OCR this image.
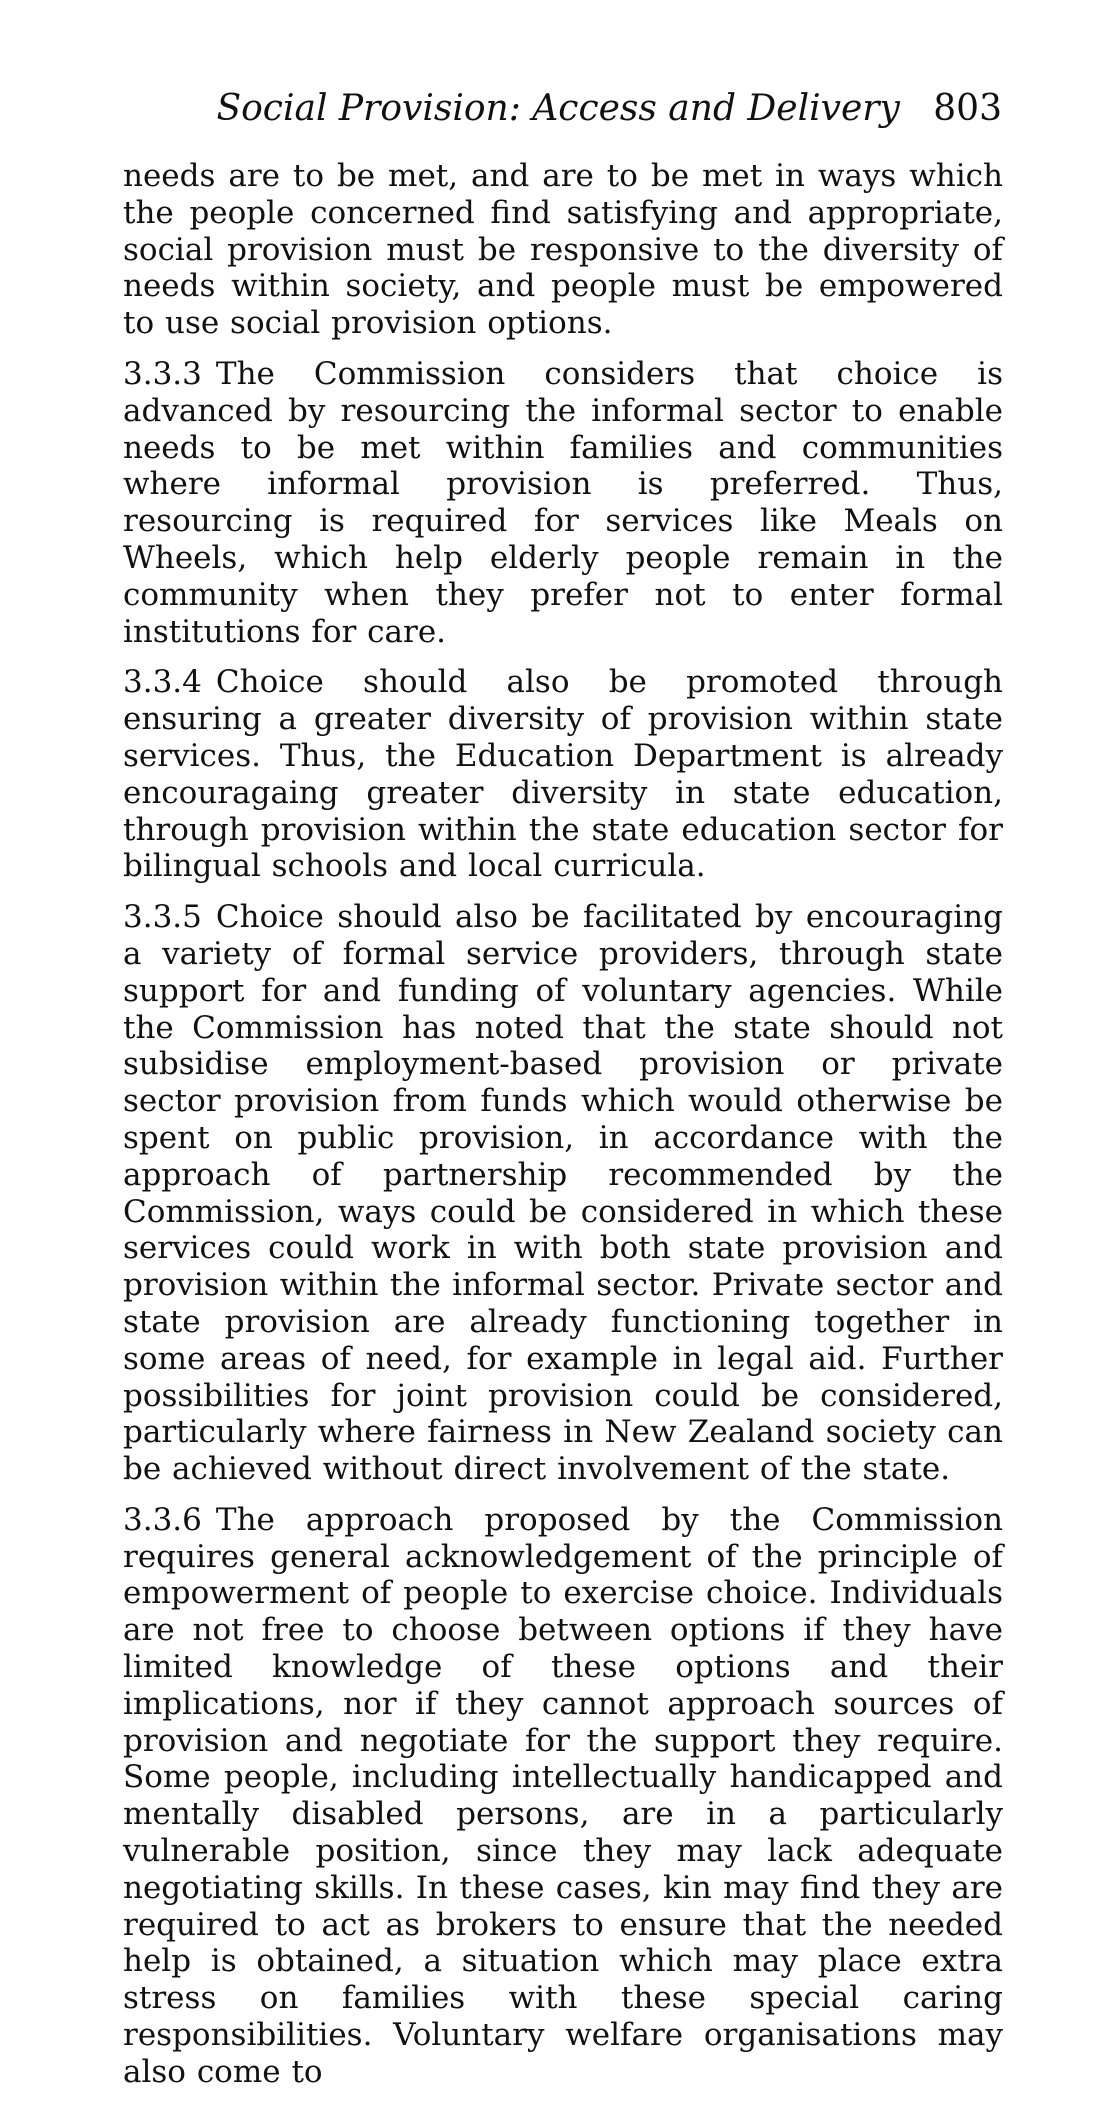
Social Provision: Access and Delivery 803

needs are to be met, and are to be met in ways which the people concerned find satisfying and appropriate, social provision must be responsive to the diversity of needs within society, and people must be empowered to use social provision options.

3.3.3 The Commission considers that choice is advanced by resourcing the informal sector to enable needs to be met within families and communities where informal provision is preferred. Thus, resourcing is required for services like Meals on Wheels, which help elderly people remain in the community when they prefer not to enter formal institutions for care.

3.3.4 Choice should also be promoted through ensuring a greater diversity of provision within state services. Thus, the Education Department is already encouragaing greater diversity in state education, through provision within the state education sector for bilingual schools and local curricula.

3.3.5 Choice should also be facilitated by encouraging a variety of formal service providers, through state support for and funding of voluntary agencies. While the Commission has noted that the state should not subsidise employment-based provision or private sector provision from funds which would otherwise be spent on public provision, in accordance with the approach of partnership recommended by the Commission, ways could be considered in which these services could work in with both state provision and provision within the informal sector. Private sector and state provision are already functioning together in some areas of need, for example in legal aid. Further possibilities for joint provision could be considered, particularly where fairness in New Zealand society can be achieved without direct involvement of the state.

3.3.6 The approach proposed by the Commission requires general acknowledgement of the principle of empowerment of people to exercise choice. Individuals are not free to choose between options if they have limited knowledge of these options and their implications, nor if they cannot approach sources of provision and negotiate for the support they require. Some people, including intellectually handicapped and mentally disabled persons, are in a particularly vulnerable position, since they may lack adequate negotiating skills. In these cases, kin may find they are required to act as brokers to ensure that the needed help is obtained, a situation which may place extra stress on families with these special caring responsibilities. Voluntary welfare organisations may also come to
